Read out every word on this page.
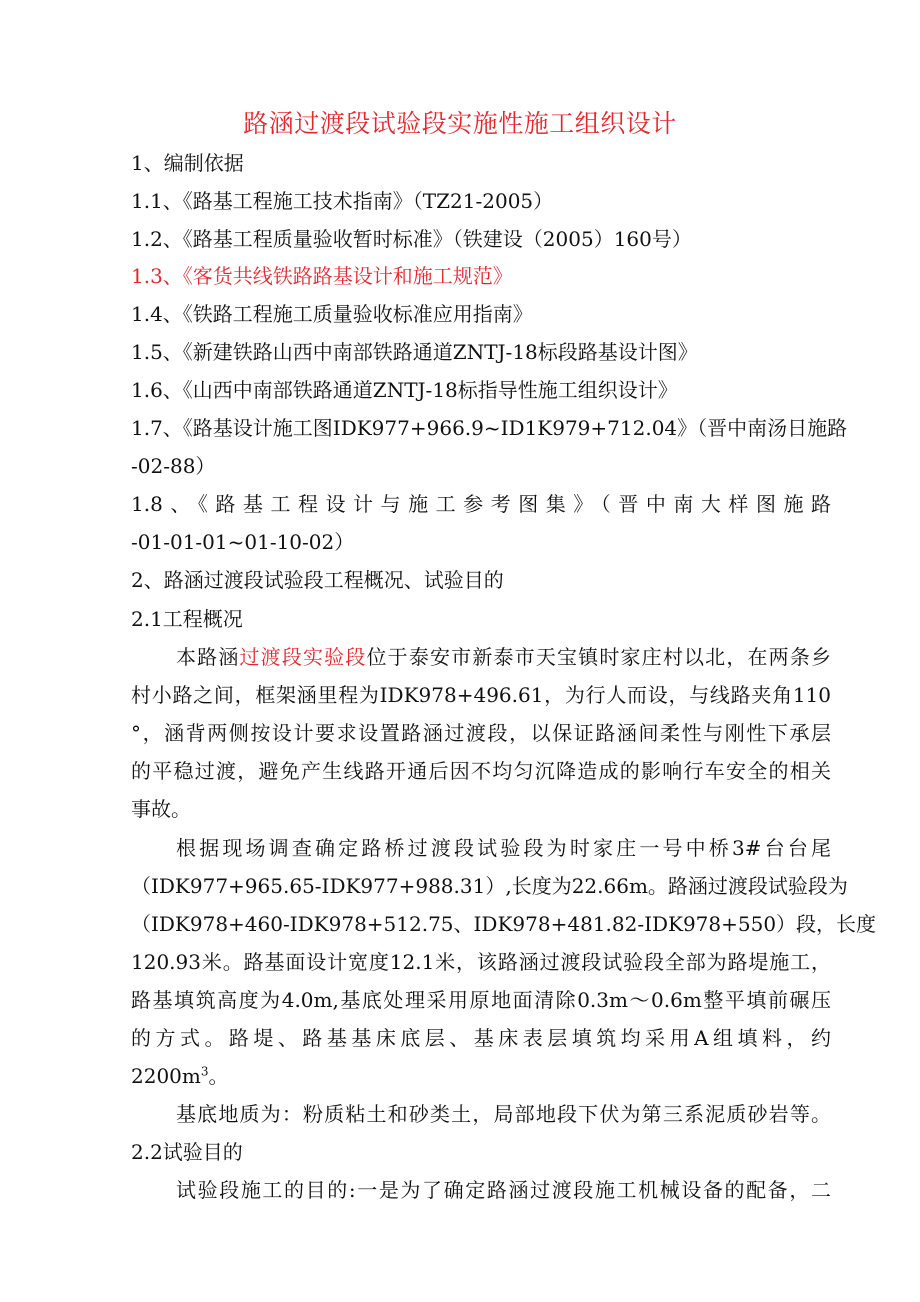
路涵过渡段试验段实施性施工组织设计
1、编制依据
1.1、《路基工程施工技术指南》（TZ21-2005）
1.2、《路基工程质量验收暂时标准》（铁建设（2005）160号）
1.3、《客货共线铁路路基设计和施工规范》
1.4、《铁路工程施工质量验收标准应用指南》
1.5、《新建铁路山西中南部铁路通道ZNTJ-18标段路基设计图》
1.6、《山西中南部铁路通道ZNTJ-18标指导性施工组织设计》
1.7、《路基设计施工图IDK977+966.9~ID1K979+712.04》（晋中南汤日施路
-02-88）
1.8、《路基工程设计与施工参考图集》（晋中南大样图施路
-01-01-01~01-10-02）
2、路涵过渡段试验段工程概况、试验目的
2.1工程概况
本路涵过渡段实验段位于泰安市新泰市天宝镇时家庄村以北，在两条乡
村小路之间，框架涵里程为IDK978+496.61，为行人而设，与线路夹角110
°，涵背两侧按设计要求设置路涵过渡段，以保证路涵间柔性与刚性下承层
的平稳过渡，避免产生线路开通后因不均匀沉降造成的影响行车安全的相关
事故。
根据现场调查确定路桥过渡段试验段为时家庄一号中桥3#台台尾
（IDK977+965.65-IDK977+988.31）,长度为22.66m。路涵过渡段试验段为
（IDK978+460-IDK978+512.75、IDK978+481.82-IDK978+550）段，长度
120.93米。路基面设计宽度12.1米，该路涵过渡段试验段全部为路堤施工，
路基填筑高度为4.0m,基底处理采用原地面清除0.3m～0.6m整平填前碾压
的方式。路堤、路基基床底层、基床表层填筑均采用A组填料，约
$2200m^3$。
基底地质为：粉质粘土和砂类土，局部地段下伏为第三系泥质砂岩等。
2.2试验目的
试验段施工的目的:一是为了确定路涵过渡段施工机械设备的配备，二
